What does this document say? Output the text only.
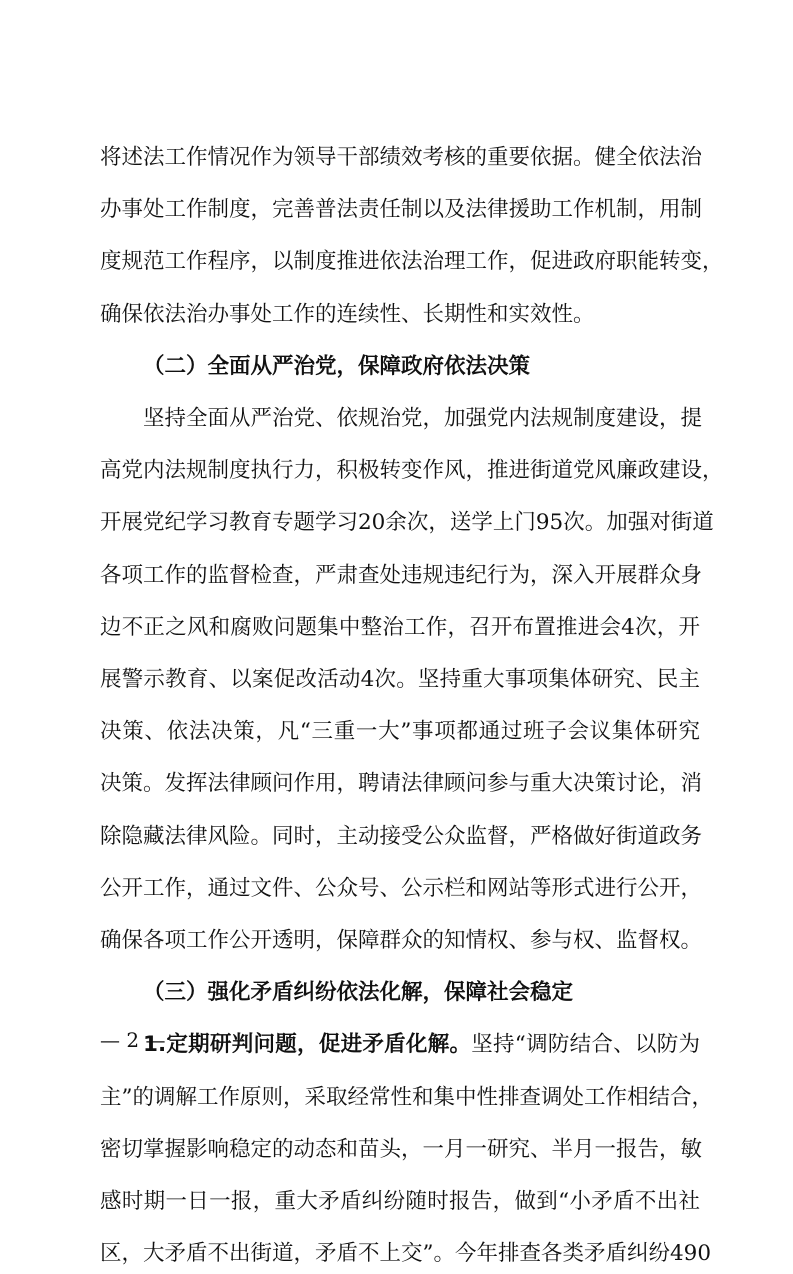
将述法工作情况作为领导干部绩效考核的重要依据。健全依法治
办事处工作制度，完善普法责任制以及法律援助工作机制，用制
度规范工作程序，以制度推进依法治理工作，促进政府职能转变，
确保依法治办事处工作的连续性、长期性和实效性。
（二）全面从严治党，保障政府依法决策
坚持全面从严治党、依规治党，加强党内法规制度建设，提
高党内法规制度执行力，积极转变作风，推进街道党风廉政建设，
开展党纪学习教育专题学习20余次，送学上门95次。加强对街道
各项工作的监督检查，严肃查处违规违纪行为，深入开展群众身
边不正之风和腐败问题集中整治工作，召开布置推进会4次，开
展警示教育、以案促改活动4次。坚持重大事项集体研究、民主
决策、依法决策，凡“三重一大”事项都通过班子会议集体研究
决策。发挥法律顾问作用，聘请法律顾问参与重大决策讨论，消
除隐藏法律风险。同时，主动接受公众监督，严格做好街道政务
公开工作，通过文件、公众号、公示栏和网站等形式进行公开，
确保各项工作公开透明，保障群众的知情权、参与权、监督权。
（三）强化矛盾纠纷依法化解，保障社会稳定
1.定期研判问题，促进矛盾化解。坚持“调防结合、以防为
主”的调解工作原则，采取经常性和集中性排查调处工作相结合，
密切掌握影响稳定的动态和苗头，一月一研究、半月一报告，敏
感时期一日一报，重大矛盾纠纷随时报告，做到“小矛盾不出社
区，大矛盾不出街道，矛盾不上交”。今年排查各类矛盾纠纷490
— 2 —
